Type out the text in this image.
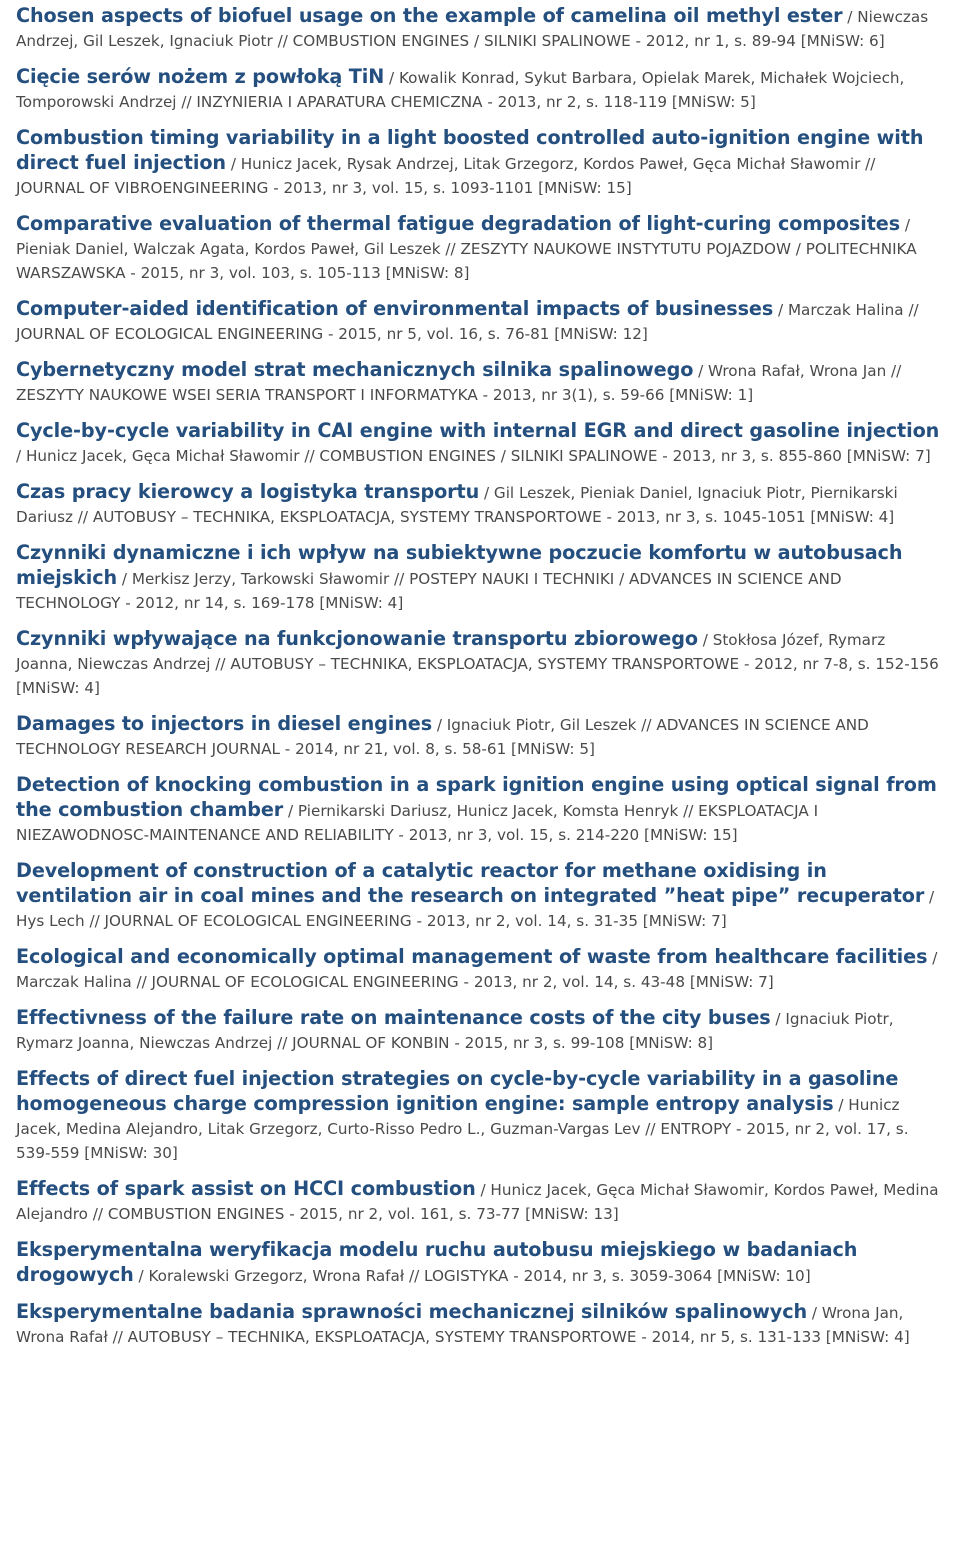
Chosen aspects of biofuel usage on the example of camelina oil methyl ester / Niewczas Andrzej, Gil Leszek, Ignaciuk Piotr // COMBUSTION ENGINES / SILNIKI SPALINOWE - 2012, nr 1, s. 89-94 [MNiSW: 6]
Cięcie serów nożem z powłoką TiN / Kowalik Konrad, Sykut Barbara, Opielak Marek, Michałek Wojciech, Tomporowski Andrzej // INZYNIERIA I APARATURA CHEMICZNA - 2013, nr 2, s. 118-119 [MNiSW: 5]
Combustion timing variability in a light boosted controlled auto-ignition engine with direct fuel injection / Hunicz Jacek, Rysak Andrzej, Litak Grzegorz, Kordos Paweł, Gęca Michał Sławomir // JOURNAL OF VIBROENGINEERING - 2013, nr 3, vol. 15, s. 1093-1101 [MNiSW: 15]
Comparative evaluation of thermal fatigue degradation of light-curing composites / Pieniak Daniel, Walczak Agata, Kordos Paweł, Gil Leszek // ZESZYTY NAUKOWE INSTYTUTU POJAZDOW / POLITECHNIKA WARSZAWSKA - 2015, nr 3, vol. 103, s. 105-113 [MNiSW: 8]
Computer-aided identification of environmental impacts of businesses / Marczak Halina // JOURNAL OF ECOLOGICAL ENGINEERING - 2015, nr 5, vol. 16, s. 76-81 [MNiSW: 12]
Cybernetyczny model strat mechanicznych silnika spalinowego / Wrona Rafał, Wrona Jan // ZESZYTY NAUKOWE WSEI SERIA TRANSPORT I INFORMATYKA - 2013, nr 3(1), s. 59-66 [MNiSW: 1]
Cycle-by-cycle variability in CAI engine with internal EGR and direct gasoline injection / Hunicz Jacek, Gęca Michał Sławomir // COMBUSTION ENGINES / SILNIKI SPALINOWE - 2013, nr 3, s. 855-860 [MNiSW: 7]
Czas pracy kierowcy a logistyka transportu / Gil Leszek, Pieniak Daniel, Ignaciuk Piotr, Piernikarski Dariusz // AUTOBUSY – TECHNIKA, EKSPLOATACJA, SYSTEMY TRANSPORTOWE - 2013, nr 3, s. 1045-1051 [MNiSW: 4]
Czynniki dynamiczne i ich wpływ na subiektywne poczucie komfortu w autobusach miejskich / Merkisz Jerzy, Tarkowski Sławomir // POSTEPY NAUKI I TECHNIKI / ADVANCES IN SCIENCE AND TECHNOLOGY - 2012, nr 14, s. 169-178 [MNiSW: 4]
Czynniki wpływające na funkcjonowanie transportu zbiorowego / Stokłosa Józef, Rymarz Joanna, Niewczas Andrzej // AUTOBUSY – TECHNIKA, EKSPLOATACJA, SYSTEMY TRANSPORTOWE - 2012, nr 7-8, s. 152-156 [MNiSW: 4]
Damages to injectors in diesel engines / Ignaciuk Piotr, Gil Leszek // ADVANCES IN SCIENCE AND TECHNOLOGY RESEARCH JOURNAL - 2014, nr 21, vol. 8, s. 58-61 [MNiSW: 5]
Detection of knocking combustion in a spark ignition engine using optical signal from the combustion chamber / Piernikarski Dariusz, Hunicz Jacek, Komsta Henryk // EKSPLOATACJA I NIEZAWODNOSC-MAINTENANCE AND RELIABILITY - 2013, nr 3, vol. 15, s. 214-220 [MNiSW: 15]
Development of construction of a catalytic reactor for methane oxidising in ventilation air in coal mines and the research on integrated ”heat pipe” recuperator / Hys Lech // JOURNAL OF ECOLOGICAL ENGINEERING - 2013, nr 2, vol. 14, s. 31-35 [MNiSW: 7]
Ecological and economically optimal management of waste from healthcare facilities / Marczak Halina // JOURNAL OF ECOLOGICAL ENGINEERING - 2013, nr 2, vol. 14, s. 43-48 [MNiSW: 7]
Effectivness of the failure rate on maintenance costs of the city buses / Ignaciuk Piotr, Rymarz Joanna, Niewczas Andrzej // JOURNAL OF KONBIN - 2015, nr 3, s. 99-108 [MNiSW: 8]
Effects of direct fuel injection strategies on cycle-by-cycle variability in a gasoline homogeneous charge compression ignition engine: sample entropy analysis / Hunicz Jacek, Medina Alejandro, Litak Grzegorz, Curto-Risso Pedro L., Guzman-Vargas Lev // ENTROPY - 2015, nr 2, vol. 17, s. 539-559 [MNiSW: 30]
Effects of spark assist on HCCI combustion / Hunicz Jacek, Gęca Michał Sławomir, Kordos Paweł, Medina Alejandro // COMBUSTION ENGINES - 2015, nr 2, vol. 161, s. 73-77 [MNiSW: 13]
Eksperymentalna weryfikacja modelu ruchu autobusu miejskiego w badaniach drogowych / Koralewski Grzegorz, Wrona Rafał // LOGISTYKA - 2014, nr 3, s. 3059-3064 [MNiSW: 10]
Eksperymentalne badania sprawności mechanicznej silników spalinowych / Wrona Jan, Wrona Rafał // AUTOBUSY – TECHNIKA, EKSPLOATACJA, SYSTEMY TRANSPORTOWE - 2014, nr 5, s. 131-133 [MNiSW: 4]
